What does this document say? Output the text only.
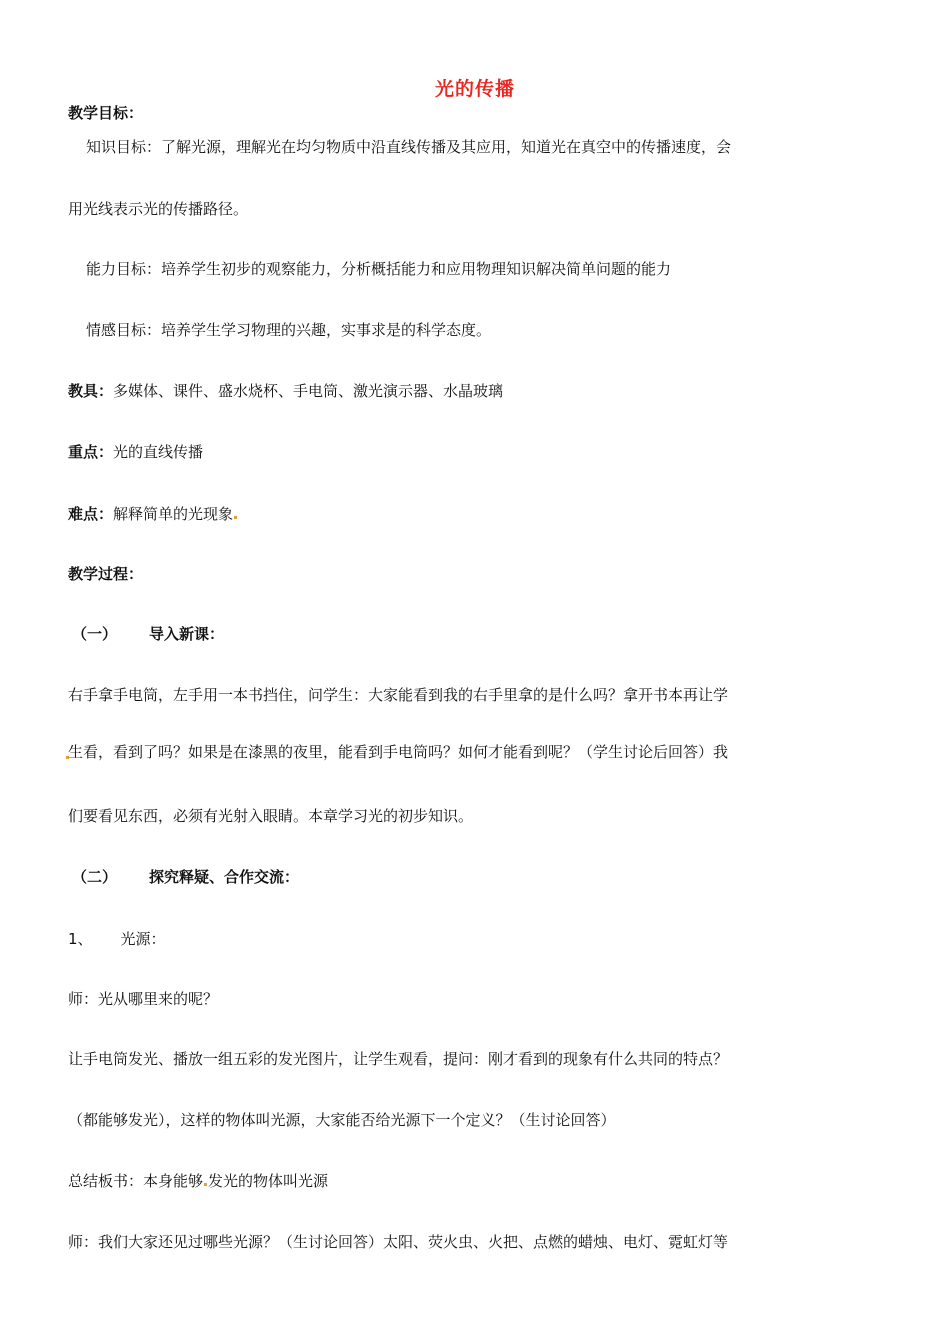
光的传播
教学目标：
知识目标：了解光源，理解光在均匀物质中沿直线传播及其应用，知道光在真空中的传播速度，会
用光线表示光的传播路径。
能力目标：培养学生初步的观察能力，分析概括能力和应用物理知识解决简单问题的能力
情感目标：培养学生学习物理的兴趣，实事求是的科学态度。
教具：多媒体、课件、盛水烧杯、手电筒、激光演示器、水晶玻璃
重点：光的直线传播
难点：解释简单的光现象
教学过程：
（一） 导入新课：
右手拿手电筒，左手用一本书挡住，问学生：大家能看到我的右手里拿的是什么吗？拿开书本再让学
生看，看到了吗？如果是在漆黑的夜里，能看到手电筒吗？如何才能看到呢？（学生讨论后回答）我
们要看见东西，必须有光射入眼睛。本章学习光的初步知识。
（二） 探究释疑、合作交流：
1、 光源：
师：光从哪里来的呢？
让手电筒发光、播放一组五彩的发光图片，让学生观看，提问：刚才看到的现象有什么共同的特点？
（都能够发光），这样的物体叫光源，大家能否给光源下一个定义？（生讨论回答）
总结板书：本身能够 发光的物体叫光源
师：我们大家还见过哪些光源？（生讨论回答）太阳、荧火虫、火把、点燃的蜡烛、电灯、霓虹灯等
